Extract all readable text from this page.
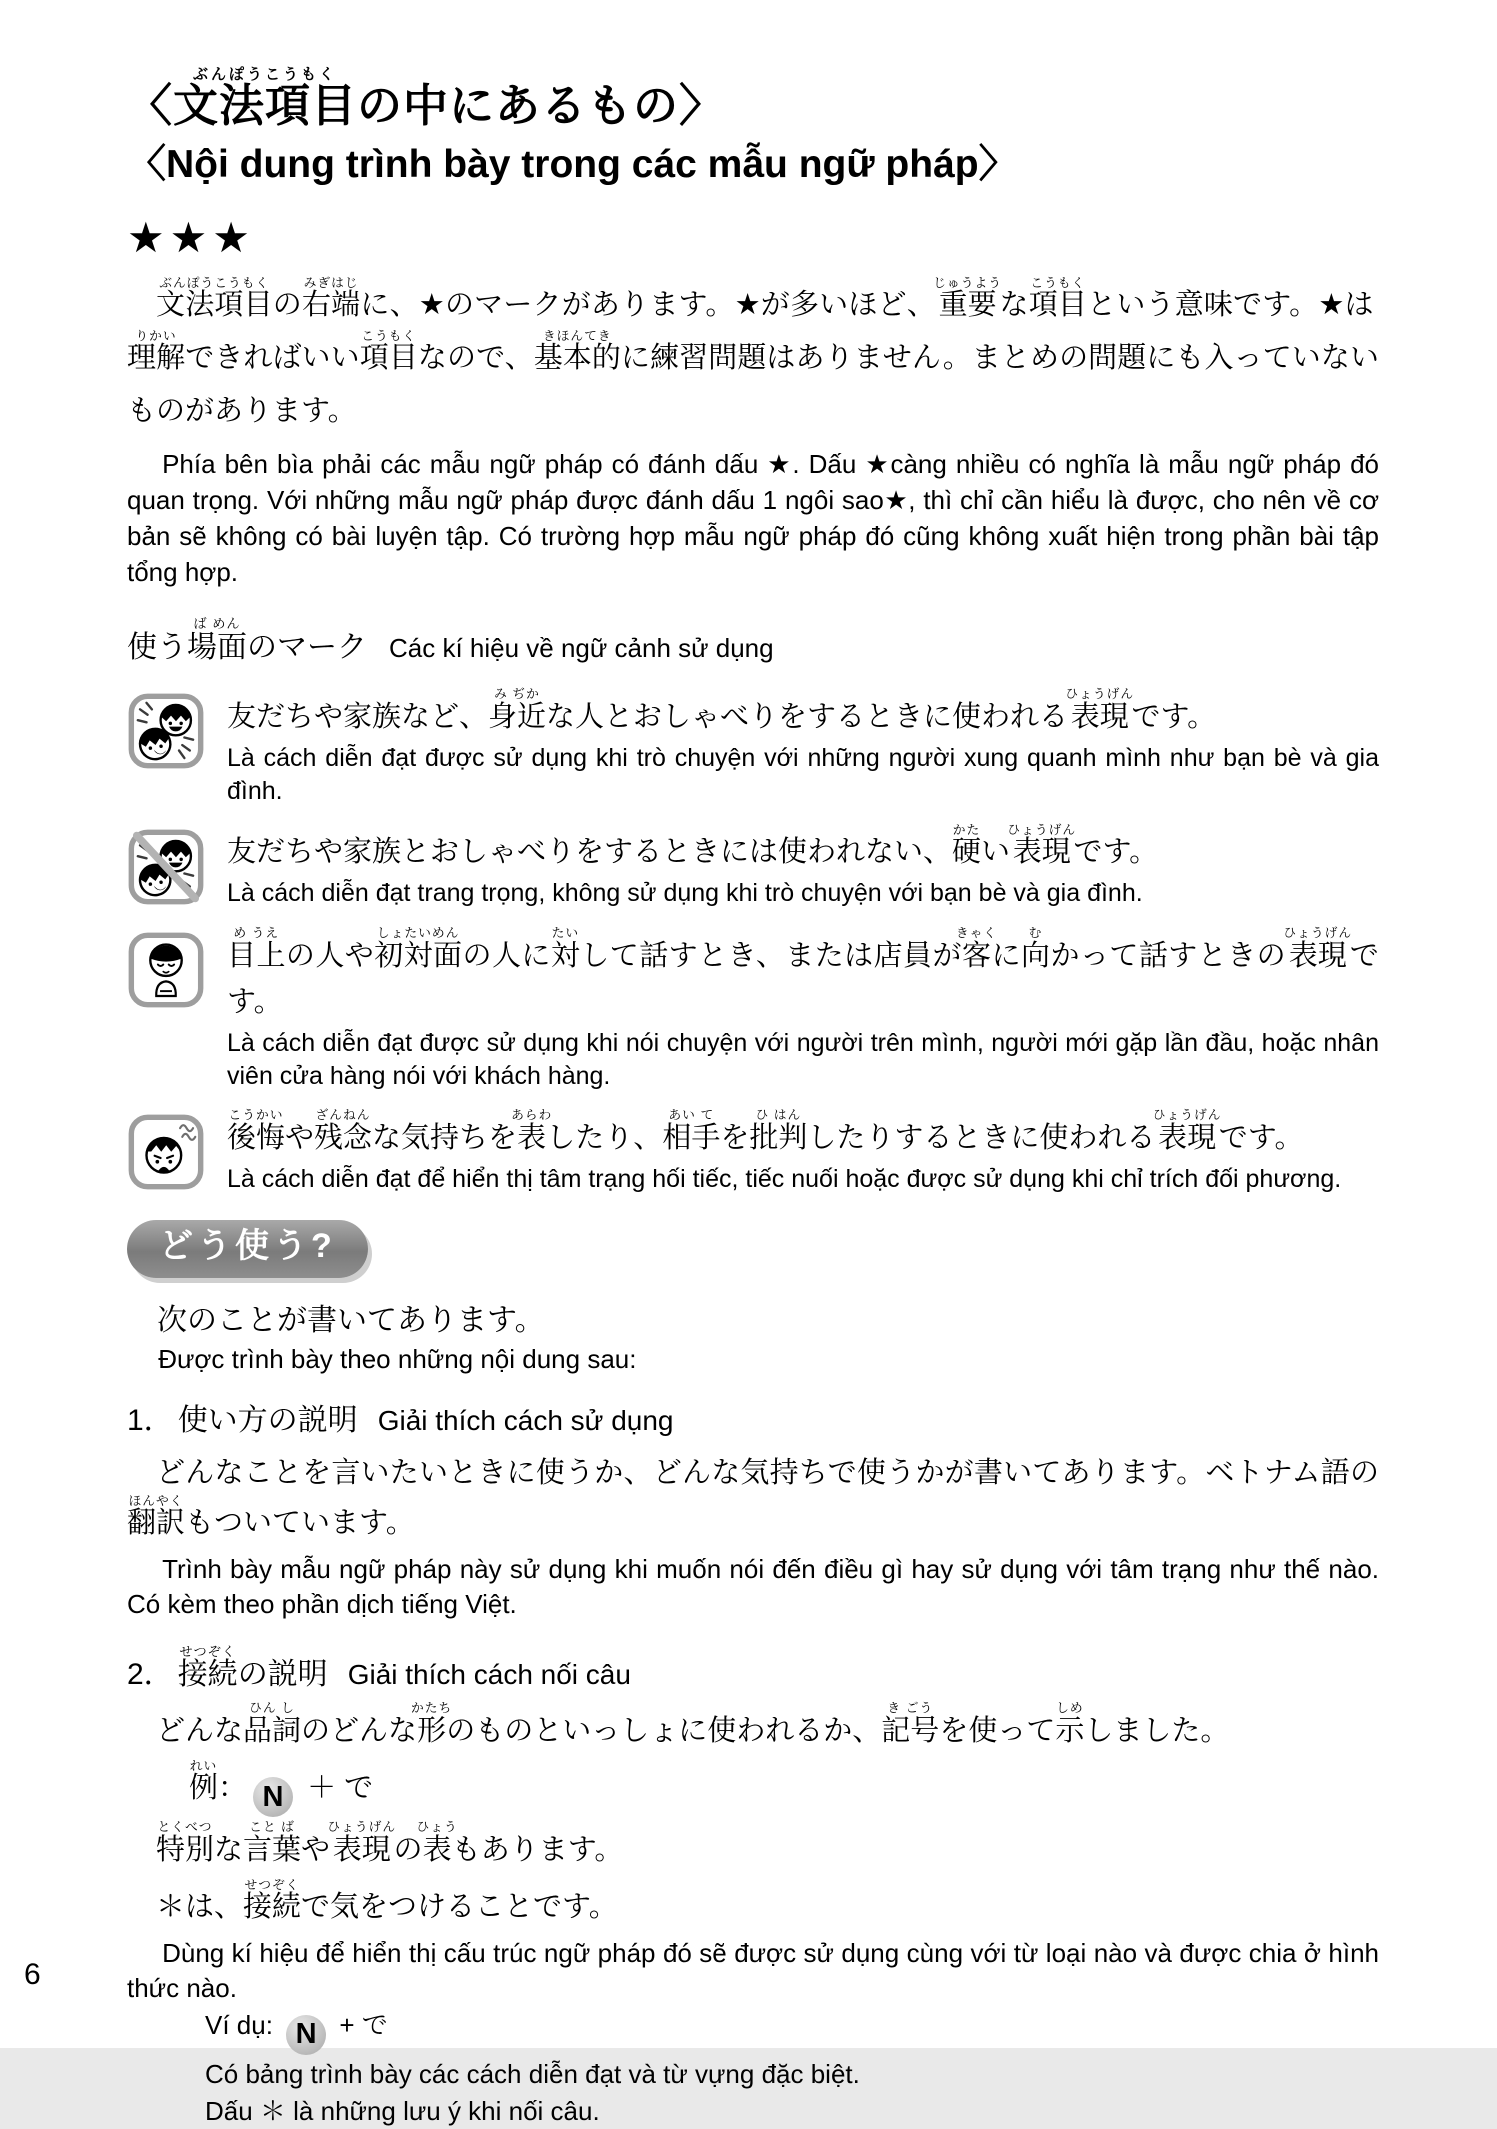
〈文法項目ぶんぽうこうもくの中にあるもの〉
〈Nội dung trình bày trong các mẫu ngữ pháp〉
★★★

文法項目ぶんぽうこうもくの右端みぎはじに、★のマークがあります。★が多いほど、重要じゅうような項目こうもくという意味です。★は理解りかいできればいい項目こうもくなので、基本的きほんてきに練習問題はありません。まとめの問題にも入っていないものがあります。

Phía bên bìa phải các mẫu ngữ pháp có đánh dấu ★. Dấu ★càng nhiều có nghĩa là mẫu ngữ pháp đó quan trọng. Với những mẫu ngữ pháp được đánh dấu 1 ngôi sao★, thì chỉ cần hiểu là được, cho nên về cơ bản sẽ không có bài luyện tập. Có trường hợp mẫu ngữ pháp đó cũng không xuất hiện trong phần bài tập tổng hợp.

使う場面ば めんのマーク Các kí hiệu về ngữ cảnh sử dụng

友だちや家族など、身近み ぢかな人とおしゃべりをするときに使われる表現ひょうげんです。

Là cách diễn đạt được sử dụng khi trò chuyện với những người xung quanh mình như bạn bè và gia đình.

友だちや家族とおしゃべりをするときには使われない、硬かたい表現ひょうげんです。

Là cách diễn đạt trang trọng, không sử dụng khi trò chuyện với bạn bè và gia đình.

目上め うえの人や初対面しょたいめんの人に対たいして話すとき、または店員が客きゃくに向むかって話すときの表現ひょうげんです。

Là cách diễn đạt được sử dụng khi nói chuyện với người trên mình, người mới gặp lần đầu, hoặc nhân viên cửa hàng nói với khách hàng.

後悔こうかいや残念ざんねんな気持ちを表あらわしたり、相手あい てを批判ひ はんしたりするときに使われる表現ひょうげんです。

Là cách diễn đạt để hiển thị tâm trạng hối tiếc, tiếc nuối hoặc được sử dụng khi chỉ trích đối phương.

どう使う?

次のことが書いてあります。

Được trình bày theo những nội dung sau:

1． 使い方の説明 Giải thích cách sử dụng

どんなことを言いたいときに使うか、どんな気持ちで使うかが書いてあります。ベトナム語の翻訳ほんやくもついています。

Trình bày mẫu ngữ pháp này sử dụng khi muốn nói đến điều gì hay sử dụng với tâm trạng như thế nào. Có kèm theo phần dịch tiếng Việt.

2． 接続せつぞくの説明 Giải thích cách nối câu

どんな品詞ひん しのどんな形かたちのものといっしょに使われるか、記号き ごうを使って示しめしました。

例れい： N ＋ で

特別とくべつな言葉こと ばや表現ひょうげんの表ひょうもあります。

＊は、接続せつぞくで気をつけることです。

Dùng kí hiệu để hiển thị cấu trúc ngữ pháp đó sẽ được sử dụng cùng với từ loại nào và được chia ở hình thức nào.

Ví dụ: N + で

Có bảng trình bày các cách diễn đạt và từ vựng đặc biệt.

Dấu ＊ là những lưu ý khi nối câu.

6
